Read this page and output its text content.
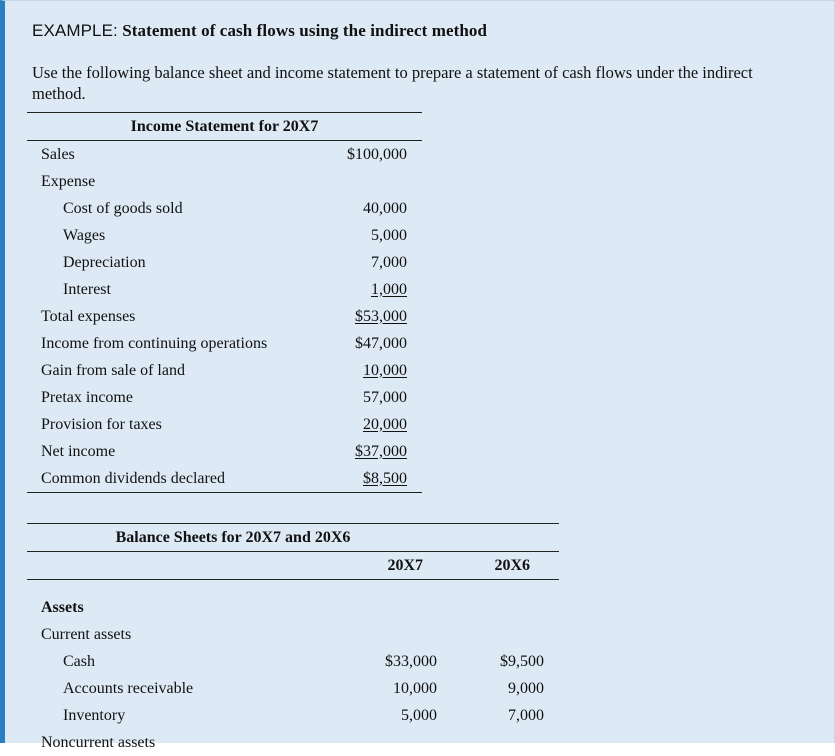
EXAMPLE: Statement of cash flows using the indirect method
Use the following balance sheet and income statement to prepare a statement of cash flows under the indirect method.
Income Statement for 20X7	
Sales	$100,000
Expense	
Cost of goods sold	40,000
Wages	5,000
Depreciation	7,000
Interest	1,000
Total expenses	$53,000
Income from continuing operations	$47,000
Gain from sale of land	10,000
Pretax income	57,000
Provision for taxes	20,000
Net income	$37,000
Common dividends declared	$8,500
Balance Sheets for 20X7 and 20X6		
	20X7	20X6

Assets		
Current assets		
Cash	$33,000	$9,500
Accounts receivable	10,000	9,000
Inventory	5,000	7,000
Noncurrent assets		
